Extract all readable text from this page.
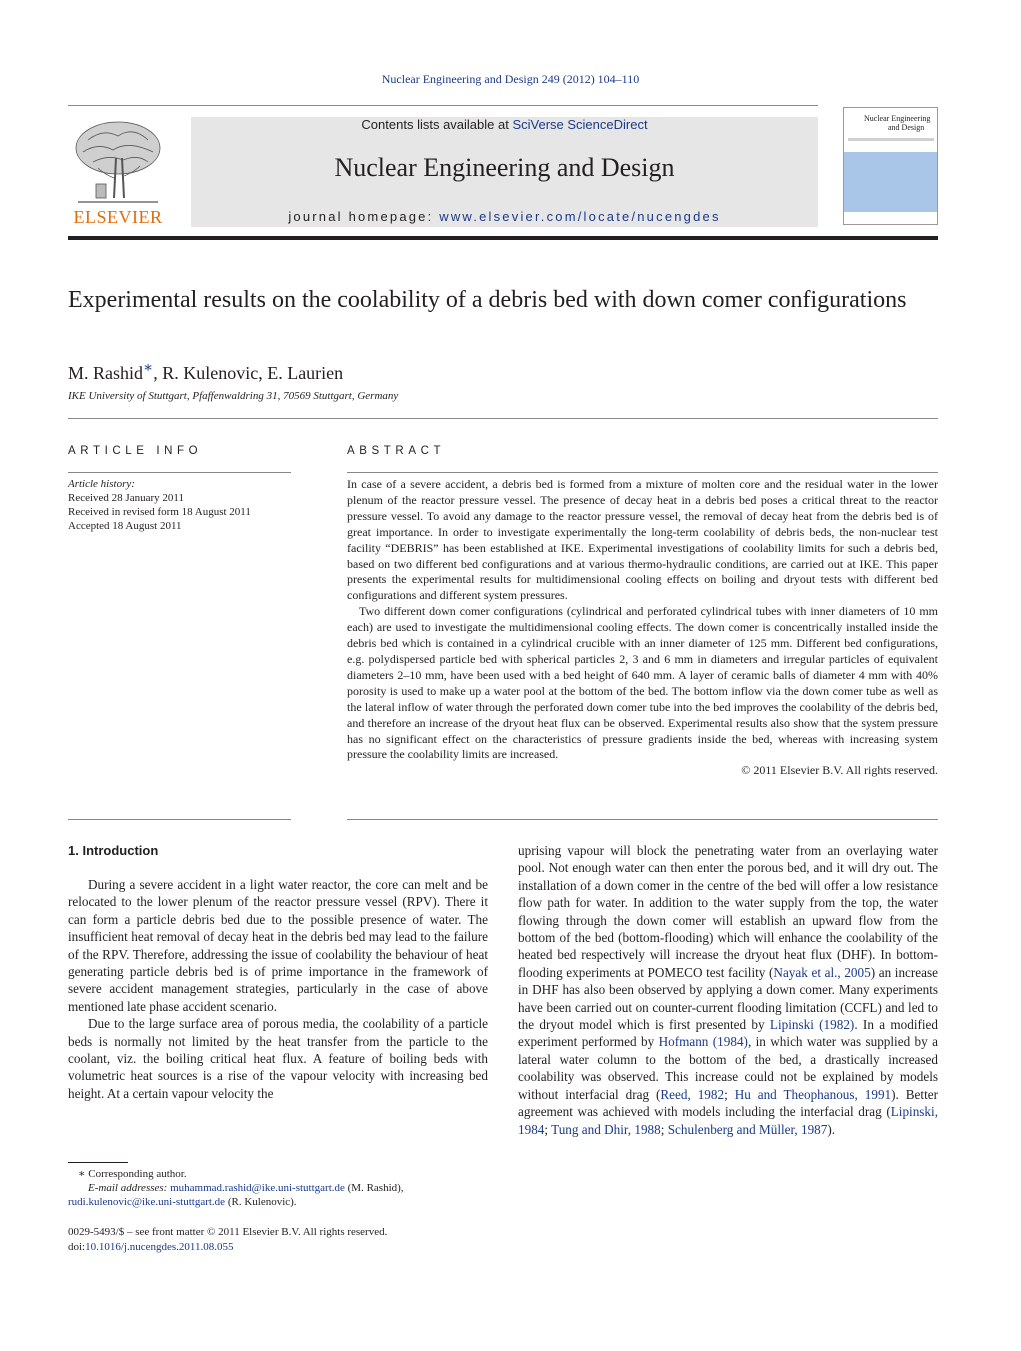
Nuclear Engineering and Design 249 (2012) 104–110
ELSEVIER
Contents lists available at SciVerse ScienceDirect
Nuclear Engineering and Design
journal homepage: www.elsevier.com/locate/nucengdes
Nuclear Engineering
and Design
Experimental results on the coolability of a debris bed with down comer configurations
M. Rashid∗, R. Kulenovic, E. Laurien
IKE University of Stuttgart, Pfaffenwaldring 31, 70569 Stuttgart, Germany
ARTICLE INFO	ABSTRACT
Article history:
Received 28 January 2011
Received in revised form 18 August 2011
Accepted 18 August 2011

In case of a severe accident, a debris bed is formed from a mixture of molten core and the residual water in the lower plenum of the reactor pressure vessel. The presence of decay heat in a debris bed poses a critical threat to the reactor pressure vessel. To avoid any damage to the reactor pressure vessel, the removal of decay heat from the debris bed is of great importance. In order to investigate experimentally the long-term coolability of debris beds, the non-nuclear test facility “DEBRIS” has been established at IKE. Experimental investigations of coolability limits for such a debris bed, based on two different bed configurations and at various thermo-hydraulic conditions, are carried out at IKE. This paper presents the experimental results for multidimensional cooling effects on boiling and dryout tests with different bed configurations and different system pressures.

Two different down comer configurations (cylindrical and perforated cylindrical tubes with inner diameters of 10 mm each) are used to investigate the multidimensional cooling effects. The down comer is concentrically installed inside the debris bed which is contained in a cylindrical crucible with an inner diameter of 125 mm. Different bed configurations, e.g. polydispersed particle bed with spherical particles 2, 3 and 6 mm in diameters and irregular particles of equivalent diameters 2–10 mm, have been used with a bed height of 640 mm. A layer of ceramic balls of diameter 4 mm with 40% porosity is used to make up a water pool at the bottom of the bed. The bottom inflow via the down comer tube as well as the lateral inflow of water through the perforated down comer tube into the bed improves the coolability of the debris bed, and therefore an increase of the dryout heat flux can be observed. Experimental results also show that the system pressure has no significant effect on the characteristics of pressure gradients inside the bed, whereas with increasing system pressure the coolability limits are increased.

© 2011 Elsevier B.V. All rights reserved.

1. Introduction

During a severe accident in a light water reactor, the core can melt and be relocated to the lower plenum of the reactor pressure vessel (RPV). There it can form a particle debris bed due to the possible presence of water. The insufficient heat removal of decay heat in the debris bed may lead to the failure of the RPV. Therefore, addressing the issue of coolability the behaviour of heat generating particle debris bed is of prime importance in the framework of severe accident management strategies, particularly in the case of above mentioned late phase accident scenario.

Due to the large surface area of porous media, the coolability of a particle beds is normally not limited by the heat transfer from the particle to the coolant, viz. the boiling critical heat flux. A feature of boiling beds with volumetric heat sources is a rise of the vapour velocity with increasing bed height. At a certain vapour velocity the

uprising vapour will block the penetrating water from an overlaying water pool. Not enough water can then enter the porous bed, and it will dry out. The installation of a down comer in the centre of the bed will offer a low resistance flow path for water. In addition to the water supply from the top, the water flowing through the down comer will establish an upward flow from the bottom of the bed (bottom-flooding) which will enhance the coolability of the heated bed respectively will increase the dryout heat flux (DHF). In bottom-flooding experiments at POMECO test facility (Nayak et al., 2005) an increase in DHF has also been observed by applying a down comer. Many experiments have been carried out on counter-current flooding limitation (CCFL) and led to the dryout model which is first presented by Lipinski (1982). In a modified experiment performed by Hofmann (1984), in which water was supplied by a lateral water column to the bottom of the bed, a drastically increased coolability was observed. This increase could not be explained by models without interfacial drag (Reed, 1982; Hu and Theophanous, 1991). Better agreement was achieved with models including the interfacial drag (Lipinski, 1984; Tung and Dhir, 1988; Schulenberg and Müller, 1987).
∗ Corresponding author.
E-mail addresses: muhammad.rashid@ike.uni-stuttgart.de (M. Rashid),
rudi.kulenovic@ike.uni-stuttgart.de (R. Kulenovic).
0029-5493/$ – see front matter © 2011 Elsevier B.V. All rights reserved.
doi:10.1016/j.nucengdes.2011.08.055
